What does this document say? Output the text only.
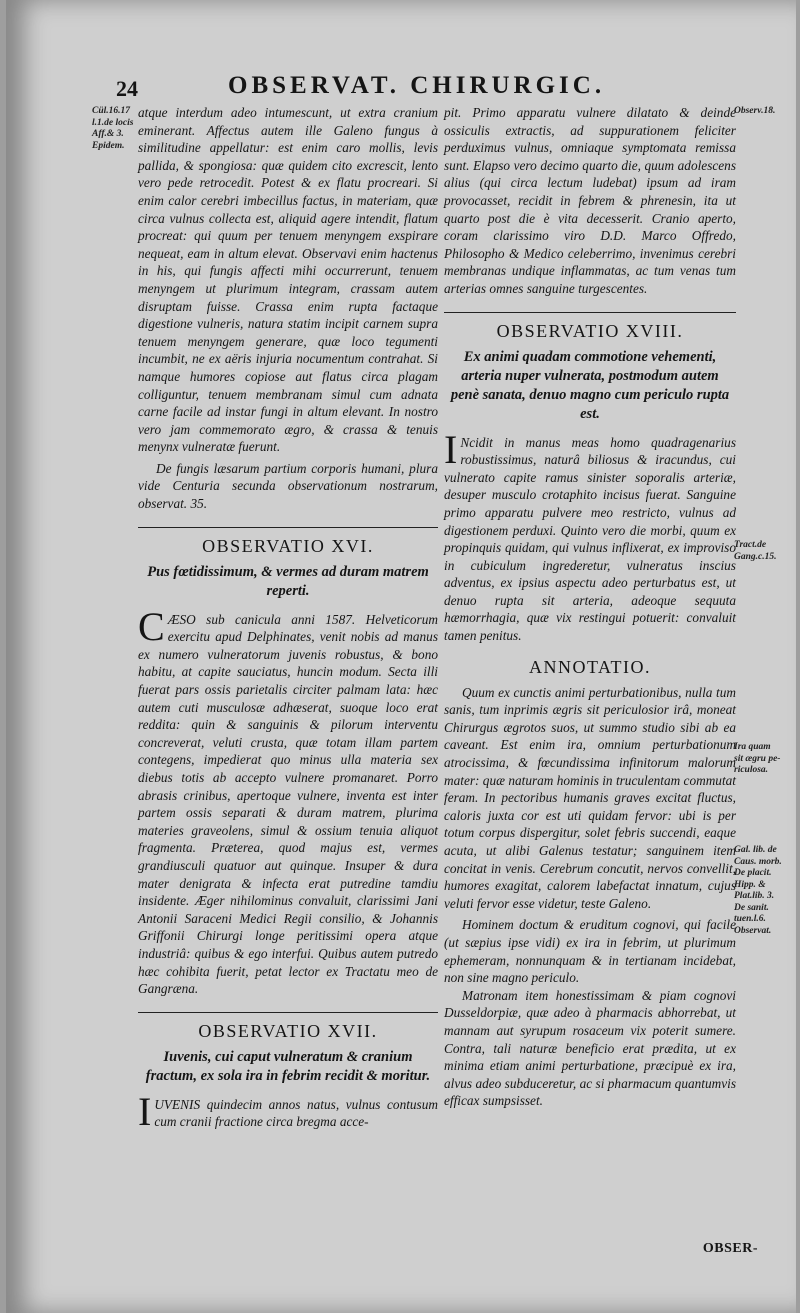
24	OBSERVAT. CHIRURGIC.
Cül.16.17
l.1.de locis
Aff.& 3.
Epidem.
Observ.18.
Tract.de
Gang.c.15.
Ira quam
sit ægru pe-
riculosa.
Gal. lib. de
Caus. morb.
De placit.
Hipp. &
Plat.lib. 3.
De sanit.
tuen.l.6.
Observat.

atque interdum adeo intumescunt, ut extra cranium eminerant. Affectus autem ille Galeno fungus à similitudine appellatur: est enim caro mollis, levis pallida, & spongiosa: quæ quidem cito excrescit, lento vero pede retrocedit. Potest & ex flatu procreari. Si enim calor cerebri imbecillus factus, in materiam, quæ circa vulnus collecta est, aliquid agere intendit, flatum procreat: qui quum per tenuem menyngem exspirare nequeat, eam in altum elevat. Observavi enim hactenus in his, qui fungis affecti mihi occurrerunt, tenuem menyngem ut plurimum integram, crassam autem disruptam fuisse. Crassa enim rupta factaque digestione vulneris, natura statim incipit carnem supra tenuem menyngem generare, quæ loco tegumenti incumbit, ne ex aëris injuria nocumentum contrahat. Si namque humores copiose aut flatus circa plagam colliguntur, tenuem membranam simul cum adnata carne facile ad instar fungi in altum elevant. In nostro vero jam commemorato ægro, & crassa & tenuis menynx vulneratæ fuerunt.

De fungis læsarum partium corporis humani, plura vide Centuria secunda observationum nostrarum, observat. 35.

OBSERVATIO XVI.
Pus fœtidissimum, & vermes ad duram matrem reperti.

CÆSO sub canicula anni 1587. Helveticorum exercitu apud Delphinates, venit nobis ad manus ex numero vulneratorum juvenis robustus, & bono habitu, at capite sauciatus, huncin modum. Secta illi fuerat pars ossis parietalis circiter palmam lata: hæc autem cuti musculosæ adhæserat, suoque loco erat reddita: quin & sanguinis & pilorum interventu concreverat, veluti crusta, quæ totam illam partem contegens, impedierat quo minus ulla materia sex diebus totis ab accepto vulnere promanaret. Porro abrasis crinibus, apertoque vulnere, inventa est inter partem ossis separati & duram matrem, plurima materies graveolens, simul & ossium tenuia aliquot fragmenta. Præterea, quod majus est, vermes grandiusculi quatuor aut quinque. Insuper & dura mater denigrata & infecta erat putredine tamdiu insidente. Æger nihilominus convaluit, clarissimi Jani Antonii Saraceni Medici Regii consilio, & Johannis Griffonii Chirurgi longe peritissimi opera atque industriâ: quibus & ego interfui. Quibus autem putredo hæc cohibita fuerit, petat lector ex Tractatu meo de Gangræna.

OBSERVATIO XVII.
Iuvenis, cui caput vulneratum & cranium fractum, ex sola ira in febrim recidit & moritur.

IUVENIS quindecim annos natus, vulnus contusum cum cranii fractione circa bregma acce-

pit. Primo apparatu vulnere dilatato & deinde ossiculis extractis, ad suppurationem feliciter perduximus vulnus, omniaque symptomata remissa sunt. Elapso vero decimo quarto die, quum adolescens alius (qui circa lectum ludebat) ipsum ad iram provocasset, recidit in febrem & phrenesin, ita ut quarto post die è vita decesserit. Cranio aperto, coram clarissimo viro D.D. Marco Offredo, Philosopho & Medico celeberrimo, invenimus cerebri membranas undique inflammatas, ac tum venas tum arterias omnes sanguine turgescentes.

OBSERVATIO XVIII.
Ex animi quadam commotione vehementi, arteria nuper vulnerata, postmodum autem penè sanata, denuo magno cum periculo rupta est.

I Ncidit in manus meas homo quadragenarius robustissimus, naturâ biliosus & iracundus, cui vulnerato capite ramus sinister soporalis arteriæ, desuper musculo crotaphito incisus fuerat. Sanguine primo apparatu pulvere meo restricto, vulnus ad digestionem perduxi. Quinto vero die morbi, quum ex propinquis quidam, qui vulnus inflixerat, ex improviso in cubiculum ingrederetur, vulneratus inscius adventus, ex ipsius aspectu adeo perturbatus est, ut denuo rupta sit arteria, adeoque sequuta hæmorrhagia, quæ vix restingui potuerit: convaluit tamen penitus.

ANNOTATIO.

Quum ex cunctis animi perturbationibus, nulla tum sanis, tum inprimis ægris sit periculosior irâ, moneat Chirurgus ægrotos suos, ut summo studio sibi ab ea caveant. Est enim ira, omnium perturbationum atrocissima, & fœcundissima infinitorum malorum mater: quæ naturam hominis in truculentam commutat feram. In pectoribus humanis graves excitat fluctus, caloris juxta cor est uti quidam fervor: ubi is per totum corpus dispergitur, solet febris succendi, eaque acuta, ut alibi Galenus testatur; sanguinem item concitat in venis. Cerebrum concutit, nervos convellit, humores exagitat, calorem labefactat innatum, cujus veluti fervor esse videtur, teste Galeno.

Hominem doctum & eruditum cognovi, qui facile (ut sæpius ipse vidi) ex ira in febrim, ut plurimum ephemeram, nonnunquam & in tertianam incidebat, non sine magno periculo.

Matronam item honestissimam & piam cognovi Dusseldorpiæ, quæ adeo à pharmacis abhorrebat, ut mannam aut syrupum rosaceum vix poterit sumere. Contra, tali naturæ beneficio erat prædita, ut ex minima etiam animi perturbatione, præcipuè ex ira, alvus adeo subduceretur, ac si pharmacum quantumvis efficax sumpsisset.

OBSER-
